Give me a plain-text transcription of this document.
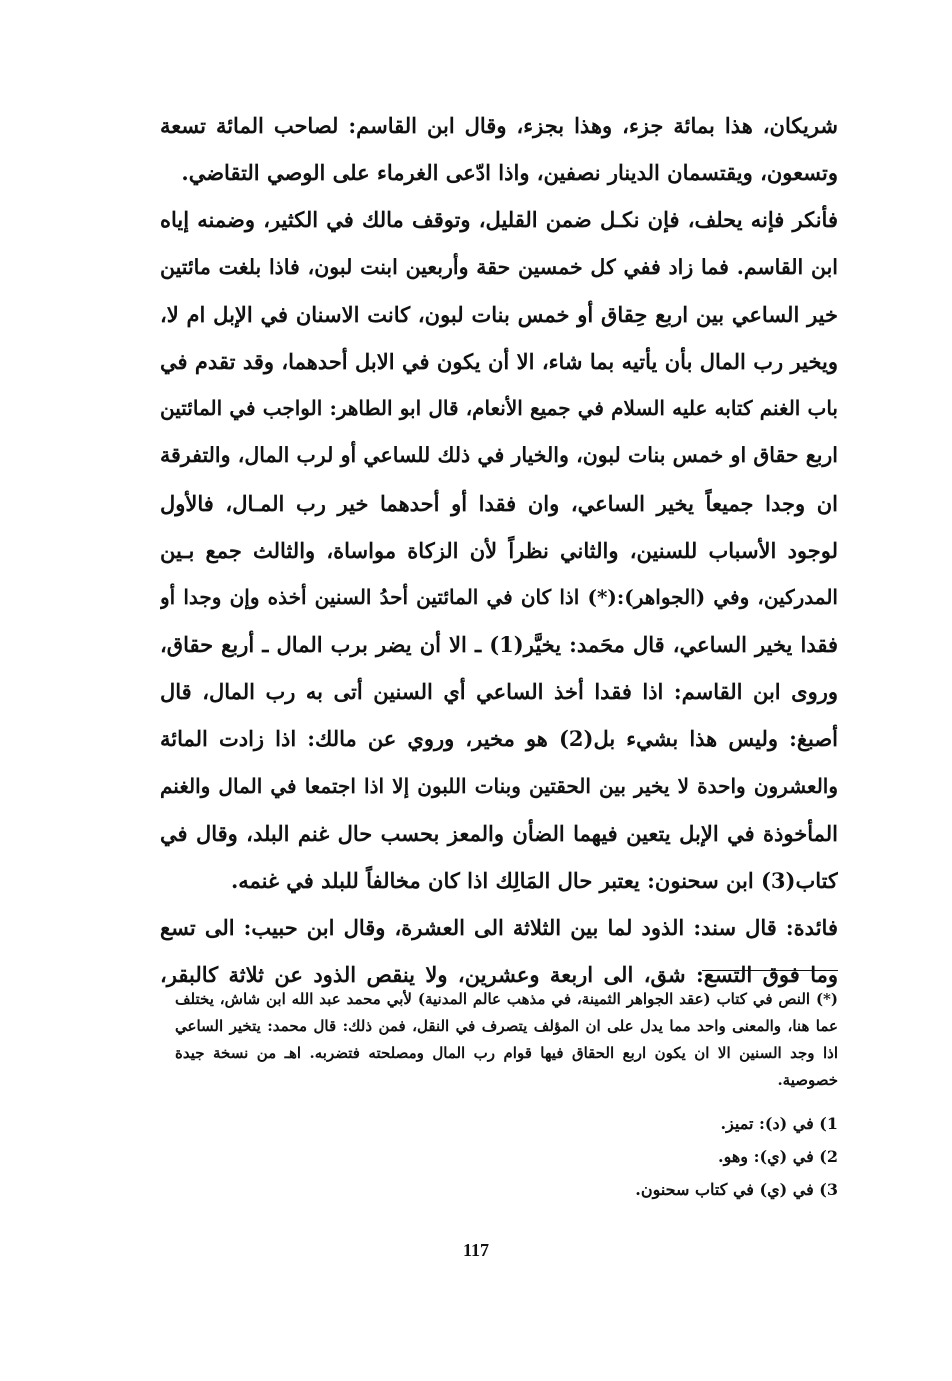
شريكان، هذا بمائة جزء، وهذا بجزء، وقال ابن القاسم: لصاحب المائة تسعة
وتسعون، ويقتسمان الدينار نصفين، واذا ادّعى الغرماء على الوصي التقاضي.
فأنكر فإنه يحلف، فإن نكـل ضمن القليل، وتوقف مالك في الكثير، وضمنه إياه
ابن القاسم. فما زاد ففي كل خمسين حقة وأربعين ابنت لبون، فاذا بلغت مائتين
خير الساعي بين اربع حِقاق أو خمس بنات لبون، كانت الاسنان في الإبل ام لا،
ويخير رب المال بأن يأتيه بما شاء، الا أن يكون في الابل أحدهما، وقد تقدم في
باب الغنم كتابه عليه السلام في جميع الأنعام، قال ابو الطاهر: الواجب في المائتين
اربع حقاق او خمس بنات لبون، والخيار في ذلك للساعي أو لرب المال، والتفرقة
ان وجدا جميعاً يخير الساعي، وان فقدا أو أحدهما خير رب المـال، فالأول
لوجود الأسباب للسنين، والثاني نظراً لأن الزكاة مواساة، والثالث جمع بـين
المدركين، وفي (الجواهر):(*) اذا كان في المائتين أحدُ السنين أخذه وإن وجدا أو
فقدا يخير الساعي، قال محَمد: يخيَّر(1) ـ الا أن يضر برب المال ـ أربع حقاق،
وروى ابن القاسم: اذا فقدا أخذ الساعي أي السنين أتى به رب المال، قال
أصبغ: وليس هذا بشيء بل(2) هو مخير، وروي عن مالك: اذا زادت المائة
والعشرون واحدة لا يخير بين الحقتين وبنات اللبون إلا اذا اجتمعا في المال والغنم
المأخوذة في الإبل يتعين فيهما الضأن والمعز بحسب حال غنم البلد، وقال في
كتاب(3) ابن سحنون: يعتبر حال المَالِك اذا كان مخالفاً للبلد في غنمه.
فائدة: قال سند: الذود لما بين الثلاثة الى العشرة، وقال ابن حبيب: الى تسع
وما فوق التسع: شق، الى اربعة وعشرين، ولا ينقص الذود عن ثلاثة كالبقر،
(*) النص في كتاب (عقد الجواهر الثمينة، في مذهب عالم المدنية) لأبي محمد عبد الله ابن شاش، يختلف
عما هنا، والمعنى واحد مما يدل على ان المؤلف يتصرف في النقل، فمن ذلك: قال محمد: يتخير الساعي
اذا وجد السنين الا ان يكون اربع الحقاق فيها قوام رب المال ومصلحته فتضربه. اهـ من نسخة جيدة
خصوصية.
1) في (د): تميز.
2) في (ي): وهو.
3) في (ي) في كتاب سحنون.
117
